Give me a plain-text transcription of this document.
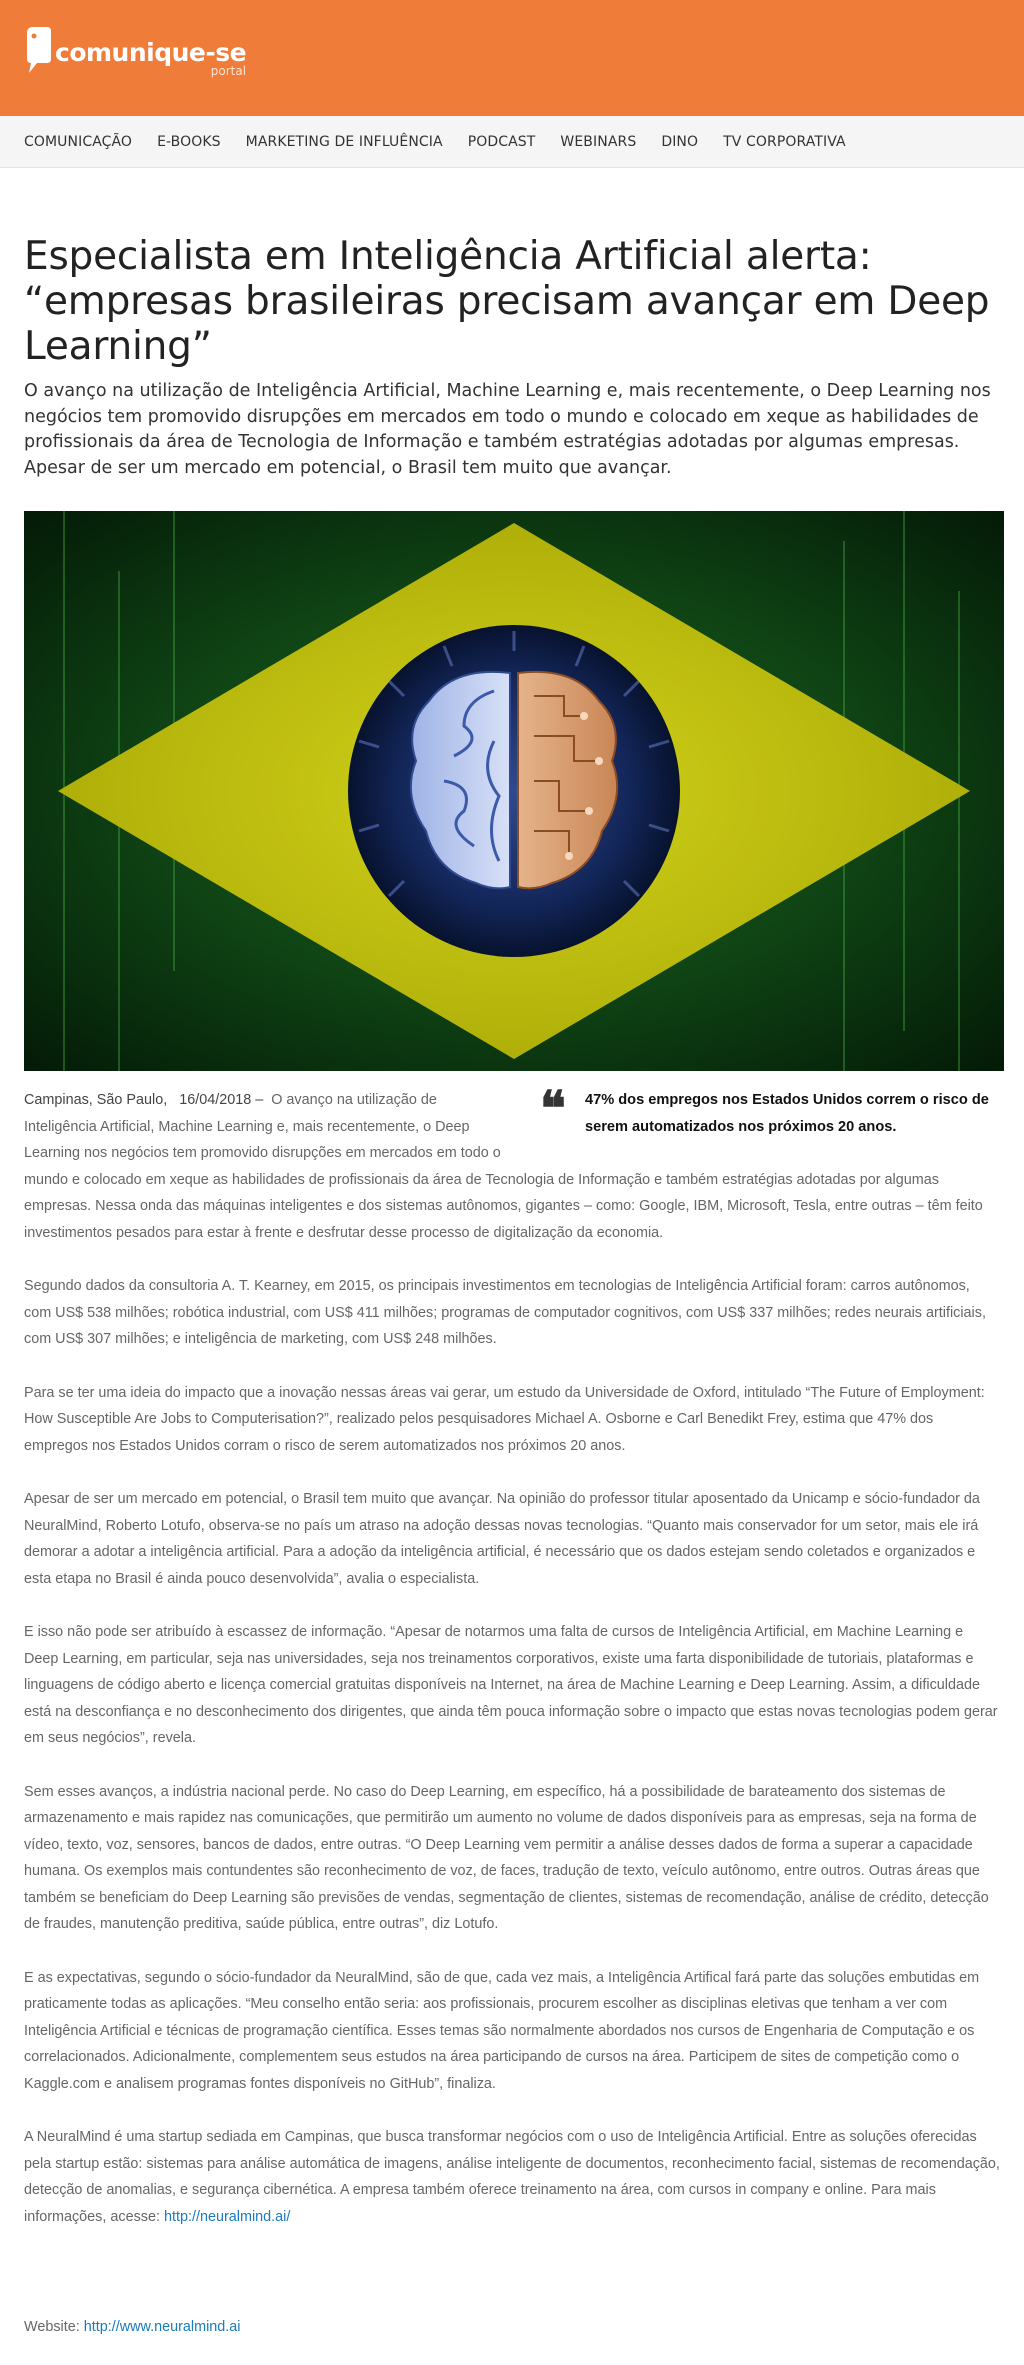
comunique-se
portal
COMUNICAÇÃO E-BOOKS MARKETING DE INFLUÊNCIA PODCAST WEBINARS DINO TV CORPORATIVA
Especialista em Inteligência Artificial alerta: “empresas brasileiras precisam avançar em Deep Learning”

O avanço na utilização de Inteligência Artificial, Machine Learning e, mais recentemente, o Deep Learning nos negócios tem promovido disrupções em mercados em todo o mundo e colocado em xeque as habilidades de profissionais da área de Tecnologia de Informação e também estratégias adotadas por algumas empresas. Apesar de ser um mercado em potencial, o Brasil tem muito que avançar.

❝ 47% dos empregos nos Estados Unidos correm o risco de serem automatizados nos próximos 20 anos.

Campinas, São Paulo, 16/04/2018 – O avanço na utilização de Inteligência Artificial, Machine Learning e, mais recentemente, o Deep Learning nos negócios tem promovido disrupções em mercados em todo o mundo e colocado em xeque as habilidades de profissionais da área de Tecnologia de Informação e também estratégias adotadas por algumas empresas. Nessa onda das máquinas inteligentes e dos sistemas autônomos, gigantes – como: Google, IBM, Microsoft, Tesla, entre outras – têm feito investimentos pesados para estar à frente e desfrutar desse processo de digitalização da economia.

Segundo dados da consultoria A. T. Kearney, em 2015, os principais investimentos em tecnologias de Inteligência Artificial foram: carros autônomos, com US$ 538 milhões; robótica industrial, com US$ 411 milhões; programas de computador cognitivos, com US$ 337 milhões; redes neurais artificiais, com US$ 307 milhões; e inteligência de marketing, com US$ 248 milhões.

Para se ter uma ideia do impacto que a inovação nessas áreas vai gerar, um estudo da Universidade de Oxford, intitulado “The Future of Employment: How Susceptible Are Jobs to Computerisation?”, realizado pelos pesquisadores Michael A. Osborne e Carl Benedikt Frey, estima que 47% dos empregos nos Estados Unidos corram o risco de serem automatizados nos próximos 20 anos.

Apesar de ser um mercado em potencial, o Brasil tem muito que avançar. Na opinião do professor titular aposentado da Unicamp e sócio-fundador da NeuralMind, Roberto Lotufo, observa-se no país um atraso na adoção dessas novas tecnologias. “Quanto mais conservador for um setor, mais ele irá demorar a adotar a inteligência artificial. Para a adoção da inteligência artificial, é necessário que os dados estejam sendo coletados e organizados e esta etapa no Brasil é ainda pouco desenvolvida”, avalia o especialista.

E isso não pode ser atribuído à escassez de informação. “Apesar de notarmos uma falta de cursos de Inteligência Artificial, em Machine Learning e Deep Learning, em particular, seja nas universidades, seja nos treinamentos corporativos, existe uma farta disponibilidade de tutoriais, plataformas e linguagens de código aberto e licença comercial gratuitas disponíveis na Internet, na área de Machine Learning e Deep Learning. Assim, a dificuldade está na desconfiança e no desconhecimento dos dirigentes, que ainda têm pouca informação sobre o impacto que estas novas tecnologias podem gerar em seus negócios”, revela.

Sem esses avanços, a indústria nacional perde. No caso do Deep Learning, em específico, há a possibilidade de barateamento dos sistemas de armazenamento e mais rapidez nas comunicações, que permitirão um aumento no volume de dados disponíveis para as empresas, seja na forma de vídeo, texto, voz, sensores, bancos de dados, entre outras. “O Deep Learning vem permitir a análise desses dados de forma a superar a capacidade humana. Os exemplos mais contundentes são reconhecimento de voz, de faces, tradução de texto, veículo autônomo, entre outros. Outras áreas que também se beneficiam do Deep Learning são previsões de vendas, segmentação de clientes, sistemas de recomendação, análise de crédito, detecção de fraudes, manutenção preditiva, saúde pública, entre outras”, diz Lotufo.

E as expectativas, segundo o sócio-fundador da NeuralMind, são de que, cada vez mais, a Inteligência Artifical fará parte das soluções embutidas em praticamente todas as aplicações. “Meu conselho então seria: aos profissionais, procurem escolher as disciplinas eletivas que tenham a ver com Inteligência Artificial e técnicas de programação científica. Esses temas são normalmente abordados nos cursos de Engenharia de Computação e os correlacionados. Adicionalmente, complementem seus estudos na área participando de cursos na área. Participem de sites de competição como o Kaggle.com e analisem programas fontes disponíveis no GitHub”, finaliza.

A NeuralMind é uma startup sediada em Campinas, que busca transformar negócios com o uso de Inteligência Artificial. Entre as soluções oferecidas pela startup estão: sistemas para análise automática de imagens, análise inteligente de documentos, reconhecimento facial, sistemas de recomendação, detecção de anomalias, e segurança cibernética. A empresa também oferece treinamento na área, com cursos in company e online. Para mais informações, acesse: http://neuralmind.ai/

Website: http://www.neuralmind.ai
